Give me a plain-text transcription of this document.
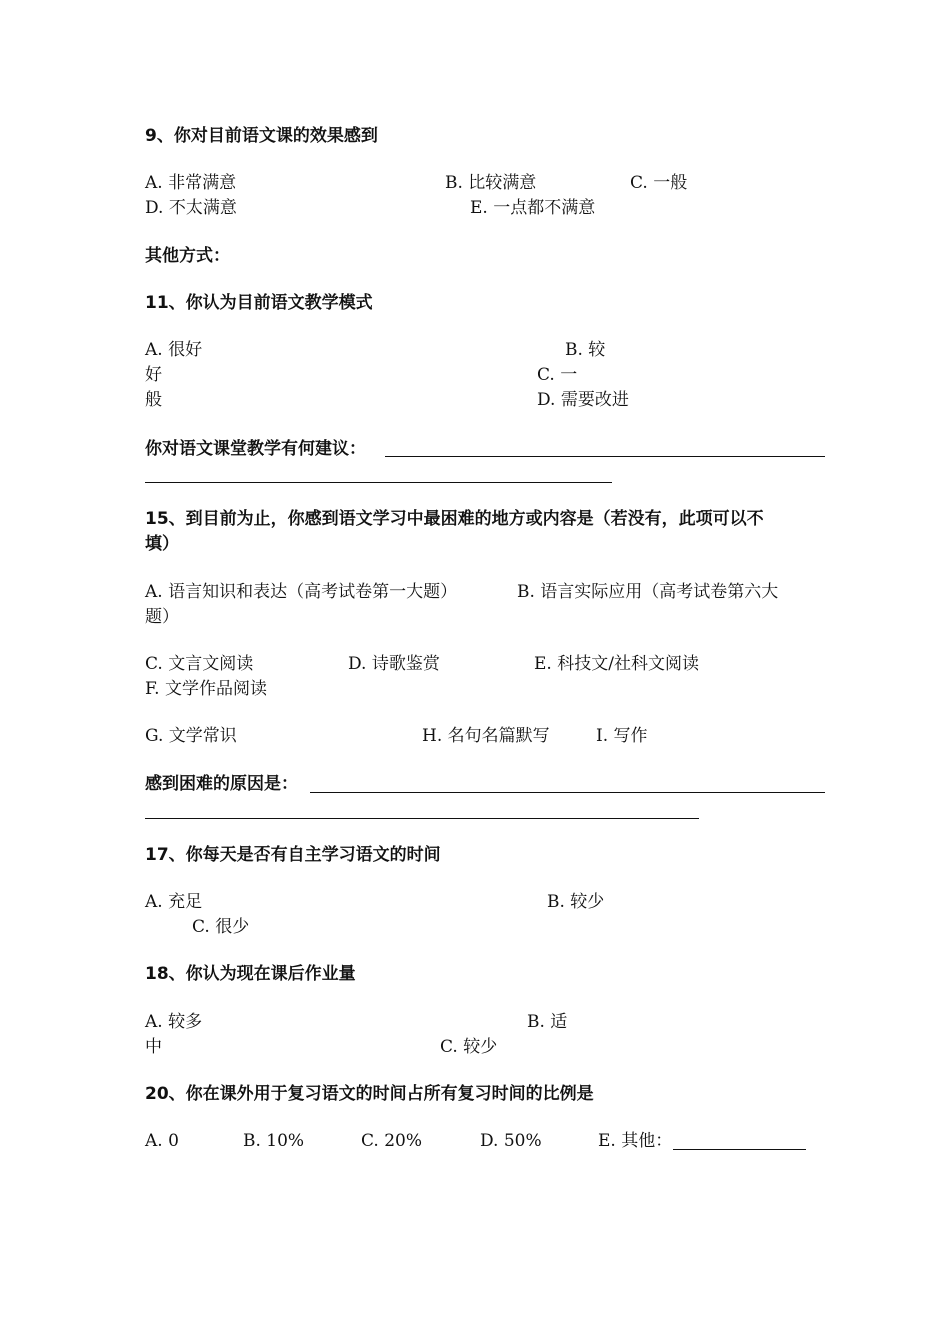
9、你对目前语文课的效果感到
A. 非常满意	B. 比较满意	C. 一般
D. 不太满意	E. 一点都不满意
其他方式：
11、你认为目前语文教学模式
A. 很好	B. 较
好	C. 一
般	D. 需要改进
你对语文课堂教学有何建议：
15、到目前为止，你感到语文学习中最困难的地方或内容是（若没有，此项可以不
填）
A. 语言知识和表达（高考试卷第一大题）	B. 语言实际应用（高考试卷第六大
题）
C. 文言文阅读	D. 诗歌鉴赏	E. 科技文/社科文阅读
F. 文学作品阅读
G. 文学常识	H. 名句名篇默写	I. 写作
感到困难的原因是：
17、你每天是否有自主学习语文的时间
A. 充足	B. 较少
C. 很少
18、你认为现在课后作业量
A. 较多	B. 适
中	C. 较少
20、你在课外用于复习语文的时间占所有复习时间的比例是
A. 0	B. 10%	C. 20%	D. 50%	E. 其他：
